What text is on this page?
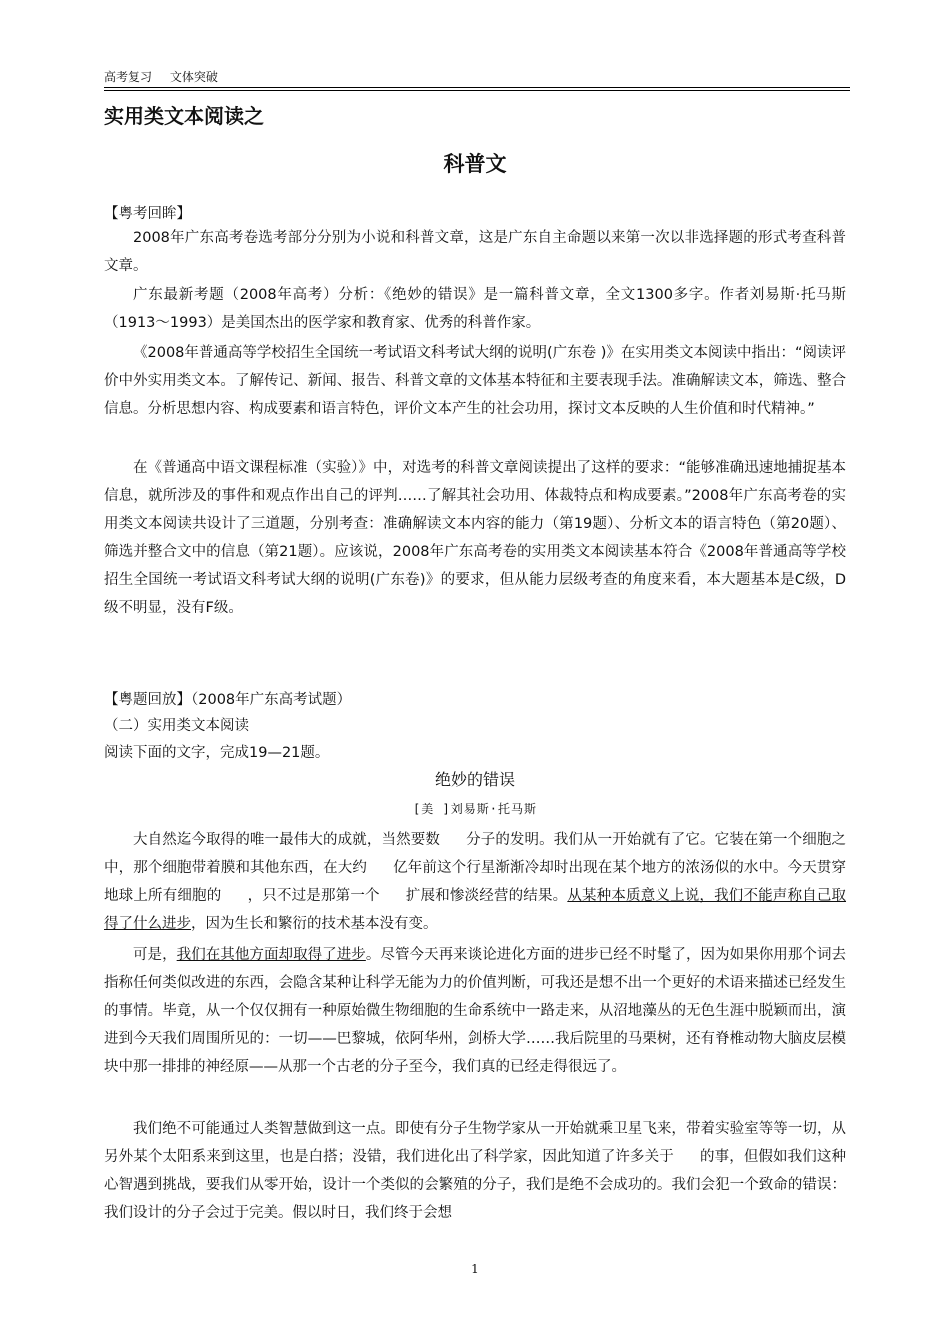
高考复习 文体突破
实用类文本阅读之
科普文
【粤考回眸】
2008年广东高考卷选考部分分别为小说和科普文章，这是广东自主命题以来第一次以非选择题的形式考查科普文章。
广东最新考题（2008年高考）分析：《绝妙的错误》是一篇科普文章，全文1300多字。作者刘易斯·托马斯（1913～1993）是美国杰出的医学家和教育家、优秀的科普作家。
《2008年普通高等学校招生全国统一考试语文科考试大纲的说明(广东卷 )》在实用类文本阅读中指出：“阅读评价中外实用类文本。了解传记、新闻、报告、科普文章的文体基本特征和主要表现手法。准确解读文本，筛选、整合信息。分析思想内容、构成要素和语言特色，评价文本产生的社会功用，探讨文本反映的人生价值和时代精神。”
在《普通高中语文课程标准（实验）》中，对选考的科普文章阅读提出了这样的要求：“能够准确迅速地捕捉基本信息，就所涉及的事件和观点作出自己的评判……了解其社会功用、体裁特点和构成要素。”2008年广东高考卷的实用类文本阅读共设计了三道题，分别考查：准确解读文本内容的能力（第19题）、分析文本的语言特色（第20题）、筛选并整合文中的信息（第21题）。应该说，2008年广东高考卷的实用类文本阅读基本符合《2008年普通高等学校招生全国统一考试语文科考试大纲的说明(广东卷)》的要求，但从能力层级考查的角度来看，本大题基本是C级，D级不明显，没有F级。
【粤题回放】（2008年广东高考试题）
（二）实用类文本阅读
阅读下面的文字，完成19—21题。
绝妙的错误
[美 ]刘易斯·托马斯
大自然迄今取得的唯一最伟大的成就，当然要数 分子的发明。我们从一开始就有了它。它装在第一个细胞之中，那个细胞带着膜和其他东西，在大约 亿年前这个行星渐渐冷却时出现在某个地方的浓汤似的水中。今天贯穿地球上所有细胞的 ，只不过是那第一个 扩展和惨淡经营的结果。从某种本质意义上说，我们不能声称自己取得了什么进步，因为生长和繁衍的技术基本没有变。
可是，我们在其他方面却取得了进步。尽管今天再来谈论进化方面的进步已经不时髦了，因为如果你用那个词去指称任何类似改进的东西，会隐含某种让科学无能为力的价值判断，可我还是想不出一个更好的术语来描述已经发生的事情。毕竟，从一个仅仅拥有一种原始微生物细胞的生命系统中一路走来，从沼地藻丛的无色生涯中脱颖而出，演进到今天我们周围所见的：一切——巴黎城，依阿华州，剑桥大学……我后院里的马栗树，还有脊椎动物大脑皮层模块中那一排排的神经原——从那一个古老的分子至今，我们真的已经走得很远了。
我们绝不可能通过人类智慧做到这一点。即使有分子生物学家从一开始就乘卫星飞来，带着实验室等等一切，从另外某个太阳系来到这里，也是白搭；没错，我们进化出了科学家，因此知道了许多关于 的事，但假如我们这种心智遇到挑战，要我们从零开始，设计一个类似的会繁殖的分子，我们是绝不会成功的。我们会犯一个致命的错误：我们设计的分子会过于完美。假以时日，我们终于会想
1
